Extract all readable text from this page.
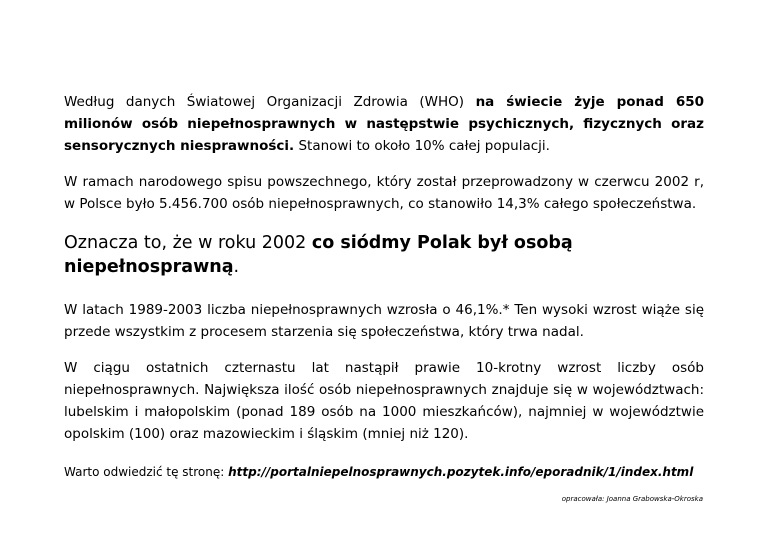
Według danych Światowej Organizacji Zdrowia (WHO) na świecie żyje ponad 650 milionów osób niepełnosprawnych w następstwie psychicznych, fizycznych oraz sensorycznych niesprawności. Stanowi to około 10% całej populacji.

W ramach narodowego spisu powszechnego, który został przeprowadzony w czerwcu 2002 r, w Polsce było 5.456.700 osób niepełnosprawnych, co stanowiło 14,3% całego społeczeństwa.

Oznacza to, że w roku 2002 co siódmy Polak był osobą niepełnosprawną.

W latach 1989-2003 liczba niepełnosprawnych wzrosła o 46,1%.* Ten wysoki wzrost wiąże się przede wszystkim z procesem starzenia się społeczeństwa, który trwa nadal.

W ciągu ostatnich czternastu lat nastąpił prawie 10-krotny wzrost liczby osób niepełnosprawnych. Największa ilość osób niepełnosprawnych znajduje się w województwach: lubelskim i małopolskim (ponad 189 osób na 1000 mieszkańców), najmniej w województwie opolskim (100) oraz mazowieckim i śląskim (mniej niż 120).

Warto odwiedzić tę stronę: http://portalniepelnosprawnych.pozytek.info/eporadnik/1/index.html

opracowała: Joanna Grabowska-Okroska
